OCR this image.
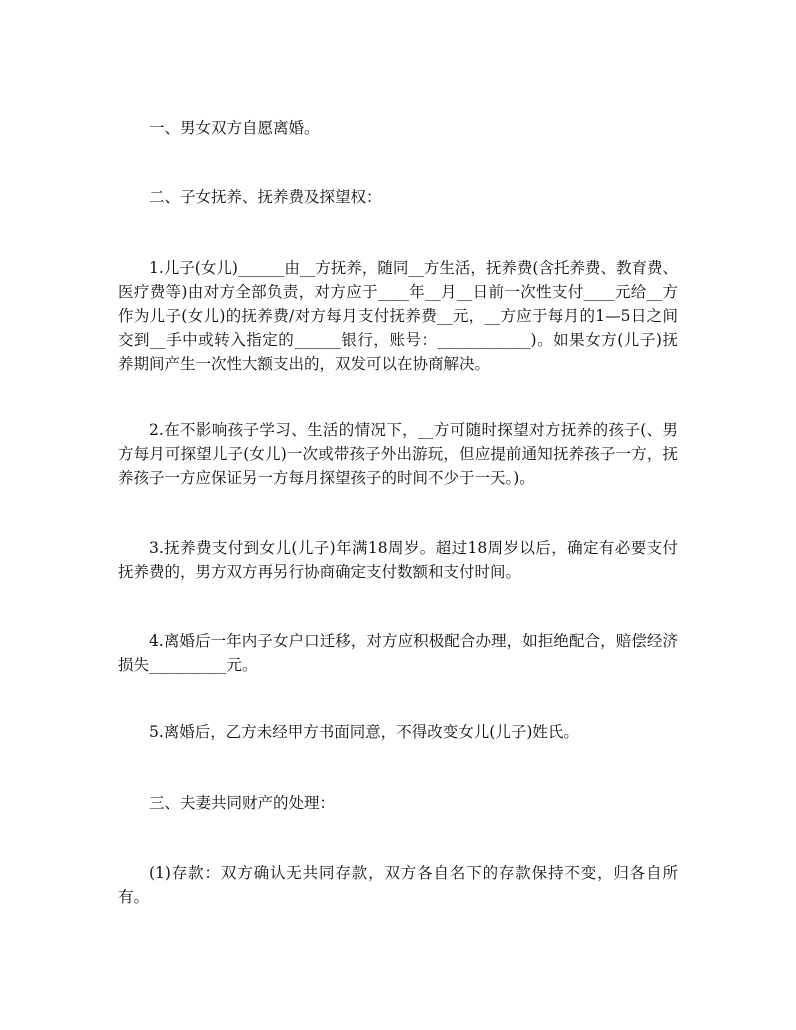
一、男女双方自愿离婚。

二、子女抚养、抚养费及探望权：

1.儿子(女儿)______由__方抚养，随同__方生活，抚养费(含托养费、教育费、医疗费等)由对方全部负责，对方应于____年__月__日前一次性支付____元给__方作为儿子(女儿)的抚养费/对方每月支付抚养费__元，__方应于每月的1—5日之间交到__手中或转入指定的______银行，账号：____________)。如果女方(儿子)抚养期间产生一次性大额支出的，双发可以在协商解决。

2.在不影响孩子学习、生活的情况下，__方可随时探望对方抚养的孩子(、男方每月可探望儿子(女儿)一次或带孩子外出游玩，但应提前通知抚养孩子一方，抚养孩子一方应保证另一方每月探望孩子的时间不少于一天。)。

3.抚养费支付到女儿(儿子)年满18周岁。超过18周岁以后，确定有必要支付抚养费的，男方双方再另行协商确定支付数额和支付时间。

4.离婚后一年内子女户口迁移，对方应积极配合办理，如拒绝配合，赔偿经济损失__________元。

5.离婚后，乙方未经甲方书面同意，不得改变女儿(儿子)姓氏。

三、夫妻共同财产的处理：

(1)存款：双方确认无共同存款，双方各自名下的存款保持不变，归各自所有。
